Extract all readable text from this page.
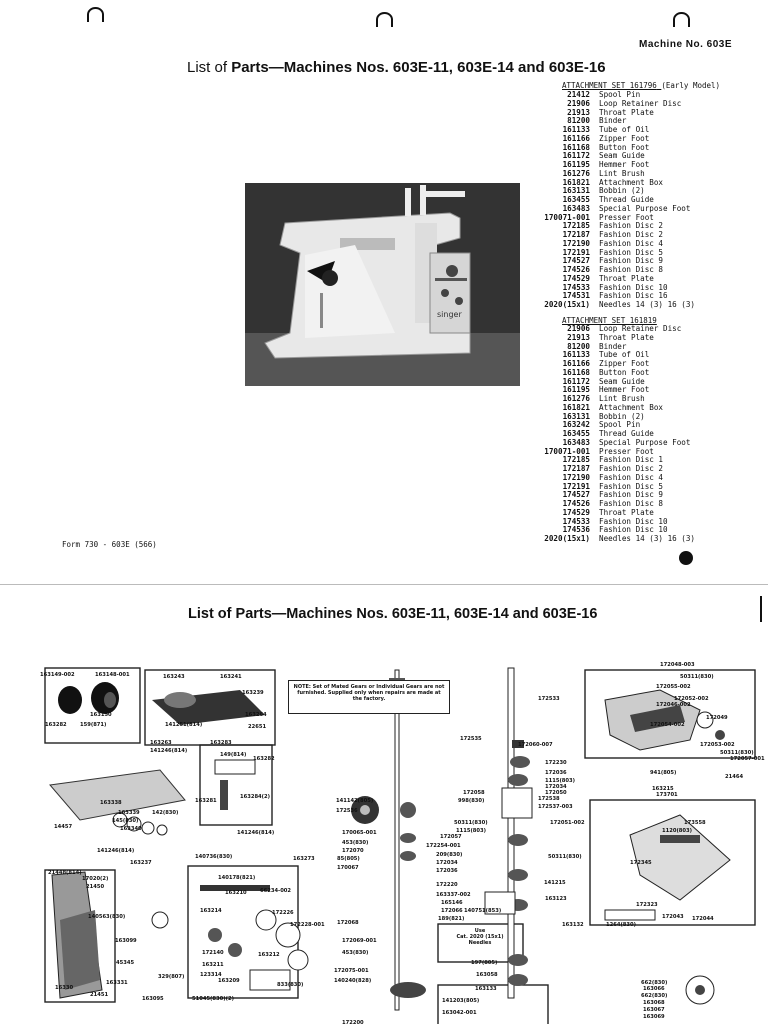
Machine No. 603E
List of Parts—Machines Nos. 603E-11, 603E-14 and 603E-16
singer
ATTACHMENT SET 161796 (Early Model)
21412	Spool Pin
21906	Loop Retainer Disc
21913	Throat Plate
81200	Binder
161133	Tube of Oil
161166	Zipper Foot
161168	Button Foot
161172	Seam Guide
161195	Hemmer Foot
161276	Lint Brush
161821	Attachment Box
163131	Bobbin (2)
163455	Thread Guide
163483	Special Purpose Foot
170071-001	Presser Foot
172185	Fashion Disc 2
172187	Fashion Disc 2
172190	Fashion Disc 4
172191	Fashion Disc 5
174527	Fashion Disc 9
174526	Fashion Disc 8
174529	Throat Plate
174533	Fashion Disc 10
174531	Fashion Disc 16
2020(15x1)	Needles 14 (3) 16 (3)
ATTACHMENT SET 161819
21906	Loop Retainer Disc
21913	Throat Plate
81200	Binder
161133	Tube of Oil
161166	Zipper Foot
161168	Button Foot
161172	Seam Guide
161195	Hemmer Foot
161276	Lint Brush
161821	Attachment Box
163131	Bobbin (2)
163242	Spool Pin
163455	Thread Guide
163483	Special Purpose Foot
170071-001	Presser Foot
172185	Fashion Disc 1
172187	Fashion Disc 2
172190	Fashion Disc 4
172191	Fashion Disc 5
174527	Fashion Disc 9
174526	Fashion Disc 8
174529	Throat Plate
174533	Fashion Disc 10
174536	Fashion Disc 10
2020(15x1)	Needles 14 (3) 16 (3)
Form 730 - 603E (566)
List of Parts—Machines Nos. 603E-11, 603E-14 and 603E-16
NOTE: Set of Mated Gears or Individual Gears are not furnished. Supplied only when repairs are made at the factory.
Use
Cat. 2020 (15x1)
Needles
163149-002	163148-001
163150
163282	159(871)
163243	163241
163239
163264
141251(814)	22651
163263	163283
141246(814)
149(814)
163282
163281
163284(2)
163237
141246(814)
163339
145(830)
142(830)
163340
163338
14457
141246(814)
140736(830)	163273
140178(821)
163210	66234-002
163214	172226
172228-001
172140
163211
123314
163209
163212
833(830)
21448(814)
17020(2)
21450
140563(830)
163099
45345
329(807)
16330
163331
21451
163095	51045(830)(2)
172533
172535
172060-007
172230
172036
1115(803)
172034
172050
172058
998(830)
50311(830)
1115(803)
172051-002
172057
172254-001
209(830)
172034
50311(830)
172036
141215
172220
163337-002
163123
165146
172066 140751(853)
189(821)
163132
172538
172537-003
141142(805)
172536
170065-001
453(830)
172070
85(805)
170067
172068
172069-001
453(830)
172075-001
140240(828)
172200
197(805)
163058
163133
141203(805)
163042-001
172048-003
50311(830)
172055-002
172052-002
172046-002
172049
172054-002
172053-002
50311(830)
172057-001
941(805)
21464
163215
173701
173558
1120(803)
172345
172323
172043 172044
1264(830)
662(830)
163066
662(830)
163068
163067
163069
